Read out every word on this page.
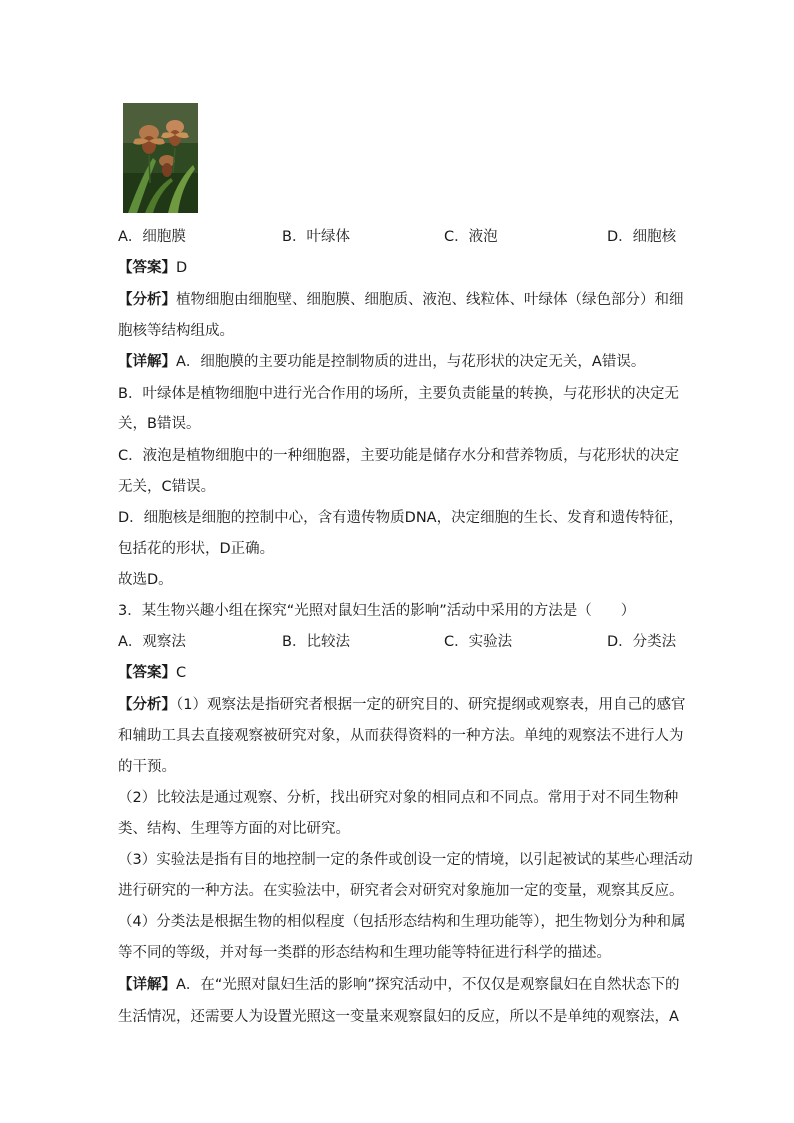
A．细胞膜	B．叶绿体	C．液泡	D．细胞核
【答案】D
【分析】植物细胞由细胞壁、细胞膜、细胞质、液泡、线粒体、叶绿体（绿色部分）和细
胞核等结构组成。
【详解】A．细胞膜的主要功能是控制物质的进出，与花形状的决定无关，A错误。
B．叶绿体是植物细胞中进行光合作用的场所，主要负责能量的转换，与花形状的决定无
关，B错误。
C．液泡是植物细胞中的一种细胞器，主要功能是储存水分和营养物质，与花形状的决定
无关，C错误。
D．细胞核是细胞的控制中心，含有遗传物质DNA，决定细胞的生长、发育和遗传特征，
包括花的形状，D正确。
故选D。
3．某生物兴趣小组在探究“光照对鼠妇生活的影响”活动中采用的方法是（　　）
A．观察法	B．比较法	C．实验法	D．分类法
【答案】C
【分析】（1）观察法是指研究者根据一定的研究目的、研究提纲或观察表，用自己的感官
和辅助工具去直接观察被研究对象，从而获得资料的一种方法。单纯的观察法不进行人为
的干预。
（2）比较法是通过观察、分析，找出研究对象的相同点和不同点。常用于对不同生物种
类、结构、生理等方面的对比研究。
（3）实验法是指有目的地控制一定的条件或创设一定的情境，以引起被试的某些心理活动
进行研究的一种方法。在实验法中，研究者会对研究对象施加一定的变量，观察其反应。
（4）分类法是根据生物的相似程度（包括形态结构和生理功能等），把生物划分为种和属
等不同的等级，并对每一类群的形态结构和生理功能等特征进行科学的描述。
【详解】A．在“光照对鼠妇生活的影响”探究活动中，不仅仅是观察鼠妇在自然状态下的
生活情况，还需要人为设置光照这一变量来观察鼠妇的反应，所以不是单纯的观察法，A
